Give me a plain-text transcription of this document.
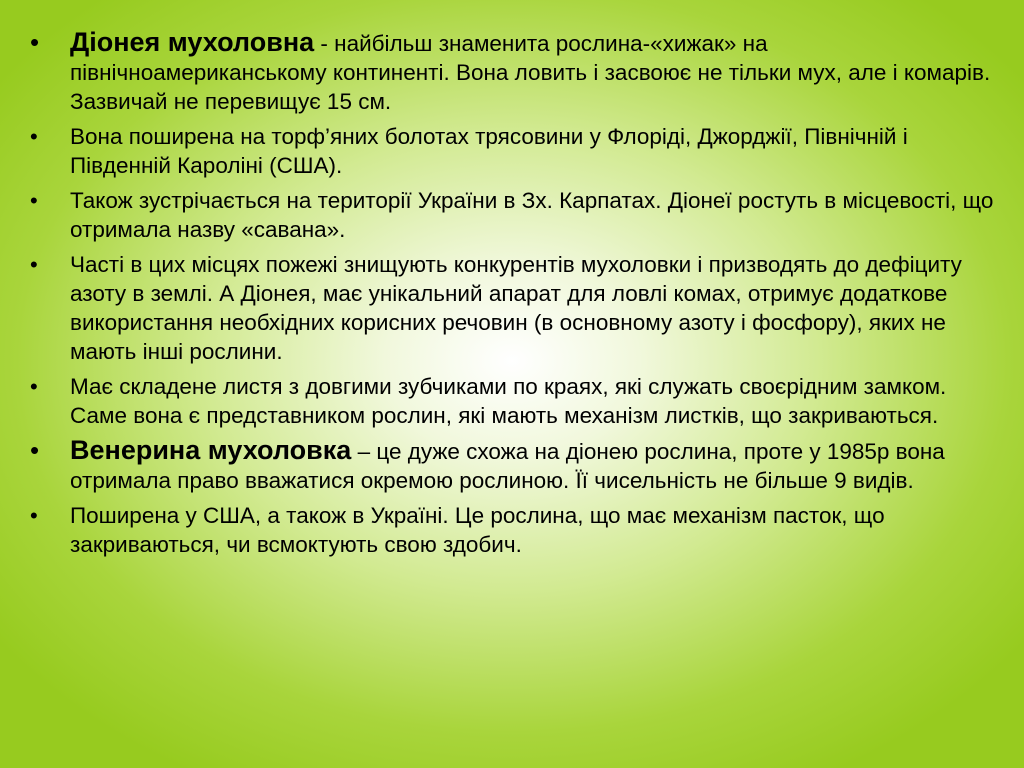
• Діонея мухоловна - найбільш знаменита рослина-«хижак» на північноамериканському континенті. Вона ловить і засвоює не тільки мух, але і комарів. Зазвичай не перевищує 15 см.
• Вона поширена на торф’яних болотах трясовини у Флоріді, Джорджії, Північній і Південній Кароліні (США).
• Також зустрічається на території України в Зх. Карпатах. Діонеї ростуть в місцевості, що отримала назву «савана».
• Часті в цих місцях пожежі знищують конкурентів мухоловки і призводять до дефіциту азоту в землі. А Діонея, має унікальний апарат для ловлі комах, отримує додаткове використання необхідних корисних речовин (в основному азоту і фосфору), яких не мають інші рослини.
• Має складене листя з довгими зубчиками по краях, які служать своєрідним замком. Саме вона є представником рослин, які мають механізм листків, що закриваються.
• Венерина мухоловка – це дуже схожа на діонею рослина, проте у 1985р вона отримала право вважатися окремою рослиною. Її чисельність не більше 9 видів.
• Поширена у США, а також в Україні. Це рослина, що має механізм пасток, що закриваються, чи всмоктують свою здобич.
